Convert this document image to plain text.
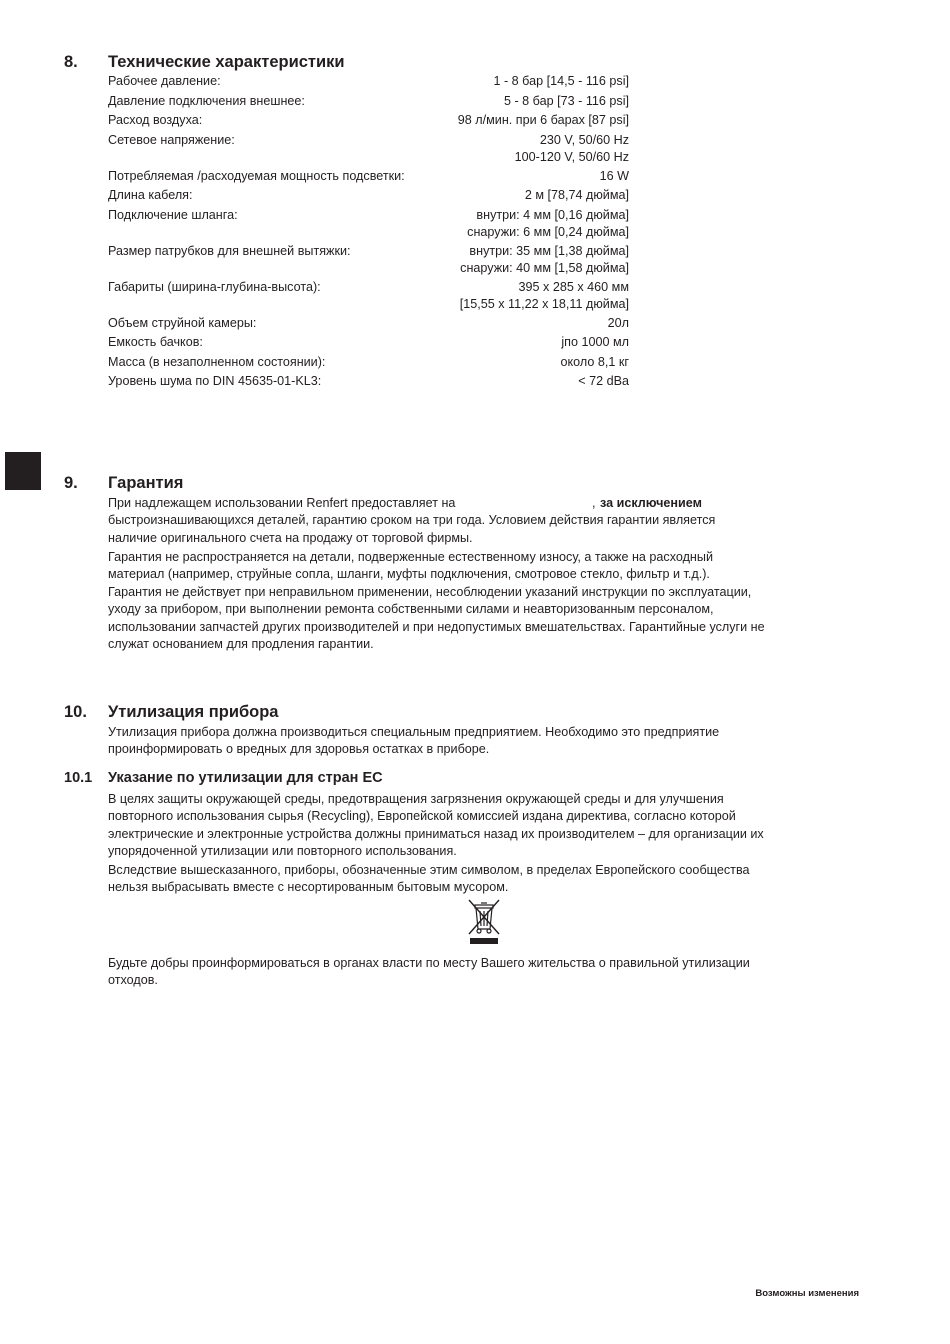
8. Технические характеристики
Рабочее давление:	1 - 8 бар [14,5 - 116 psi]
Давление подключения внешнее:	5 - 8 бар [73 - 116 psi]
Расход воздуха:	98 л/мин. при 6 барах [87 psi]
Сетевое напряжение:	230 V, 50/60 Hz
100-120 V, 50/60 Hz
Потребляемая /расходуемая мощность подсветки:	16 W
Длина кабеля:	2 м [78,74 дюйма]
Подключение шланга:	внутри: 4 мм [0,16 дюйма]
снаружи: 6 мм [0,24 дюйма]
Размер патрубков для внешней вытяжки:	внутри: 35 мм [1,38 дюйма]
снаружи: 40 мм [1,58 дюйма]
Габариты (ширина-глубина-высота):	395 x 285 x 460 мм
[15,55 x 11,22 x 18,11 дюйма]
Объем струйной камеры:	20л
Емкость бачков:	јпо 1000 мл
Масса (в незаполненном состоянии):	около 8,1 кг
Уровень шума по DIN 45635-01-KL3:	< 72 dBa
9. Гарантия

При надлежащем использовании Renfert предоставляет на	, за исключением

быстроизнашивающихся деталей, гарантию сроком на три года. Условием действия гарантии является

наличие оригинального счета на продажу от торговой фирмы.

Гарантия не распространяется на детали, подверженные естественному износу, а также на расходный

материал (например, струйные сопла, шланги, муфты подключения, смотровое стекло, фильтр и т.д.).

Гарантия не действует при неправильном применении, несоблюдении указаний инструкции по эксплуатации,

уходу за прибором, при выполнении ремонта собственными силами и неавторизованным персоналом,

использовании запчастей других производителей и при недопустимых вмешательствах. Гарантийные услуги не

служат основанием для продления гарантии.

10. Утилизация прибора

Утилизация прибора должна производиться специальным предприятием. Необходимо это предприятие

проинформировать о вредных для здоровья остатках в приборе.

10.1 Указание по утилизации для стран ЕС

В целях защиты окружающей среды, предотвращения загрязнения окружающей среды и для улучшения

повторного использования сырья (Recycling), Европейской комиссией издана директива, согласно которой

электрические и электронные устройства должны приниматься назад их производителем – для организации их

упорядоченной утилизации или повторного использования.

Вследствие вышесказанного, приборы, обозначенные этим символом, в пределах Европейского сообщества

нельзя выбрасывать вместе с несортированным бытовым мусором.

Будьте добры проинформироваться в органах власти по месту Вашего жительства о правильной утилизации

отходов.

Возможны изменения
